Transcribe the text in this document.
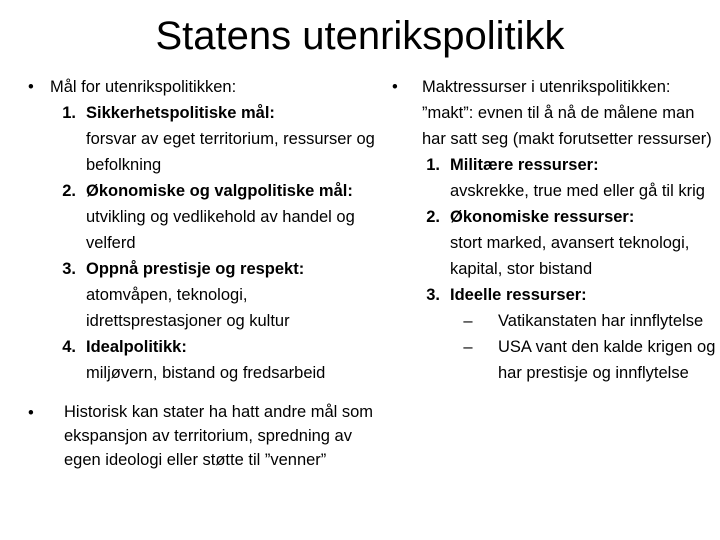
Statens utenrikspolitikk
• Mål for utenrikspolitikken:
1. Sikkerhetspolitiske mål:
forsvar av eget territorium, ressurser og befolkning
2. Økonomiske og valgpolitiske mål:
utvikling og vedlikehold av handel og velferd
3. Oppnå prestisje og respekt:
atomvåpen, teknologi, idrettsprestasjoner og kultur
4. Idealpolitikk:
miljøvern, bistand og fredsarbeid
•	Historisk kan stater ha hatt andre mål som ekspansjon av territorium, spredning av egen ideologi eller støtte til ”venner”
•	Maktressurser i utenrikspolitikken: ”makt”: evnen til å nå de målene man har satt seg (makt forutsetter ressurser)
1. Militære ressurser:
avskrekke, true med eller gå til krig
2. Økonomiske ressurser:
stort marked, avansert teknologi, kapital, stor bistand
3. Ideelle ressurser:
–	Vatikanstaten har innflytelse
–	USA vant den kalde krigen og har prestisje og innflytelse
